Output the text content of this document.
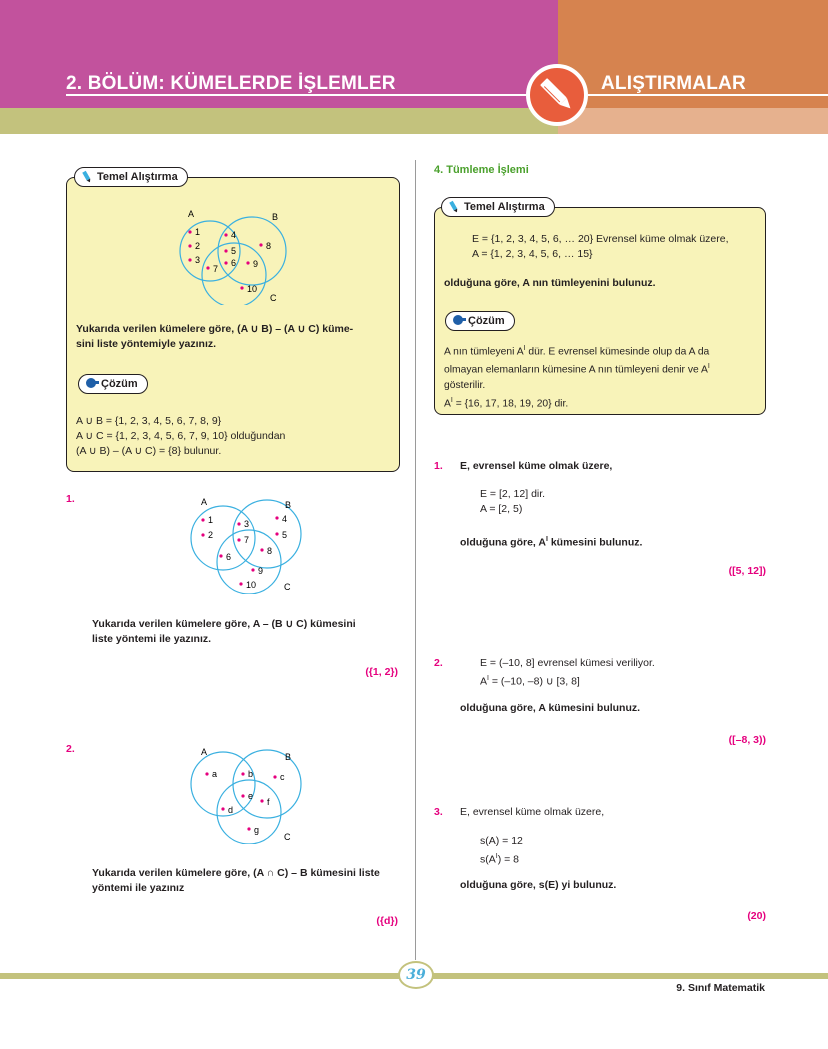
2. BÖLÜM: KÜMELERDE İŞLEMLER	ALIŞTIRMALAR
Temel Alıştırma
A	B
C
1
2
3
4
5
6
7
8
9
10
Yukarıda verilen kümelere göre, (A ∪ B) – (A ∪ C) küme-
sini liste yöntemiyle yazınız.
Çözüm
A ∪ B = {1, 2, 3, 4, 5, 6, 7, 8, 9}
A ∪ C = {1, 2, 3, 4, 5, 6, 7, 9, 10} olduğundan
(A ∪ B) – (A ∪ C) = {8} bulunur.
1.	A	B
C
1
2
3	4
5
7
6
8
9
10
Yukarıda verilen kümelere göre, A – (B ∪ C) kümesini
liste yöntemi ile yazınız.
({1, 2})
2.	A	B
C
a	b	c
e
d
f
g
Yukarıda verilen kümelere göre, (A ∩ C) – B kümesini liste
yöntemi ile yazınız
({d})
4. Tümleme İşlemi
Temel Alıştırma
E = {1, 2, 3, 4, 5, 6, … 20} Evrensel küme olmak üzere,
A = {1, 2, 3, 4, 5, 6, … 15}
olduğuna göre, A nın tümleyenini bulunuz.
Çözüm
A nın tümleyeni $A^I$ dür. E evrensel kümesinde olup da A da
olmayan elemanların kümesine A nın tümleyeni denir ve $A^I$
gösterilir.
$A^I = \{16$, 17, 18, 19, 20} dir.
1. E, evrensel küme olmak üzere,
E = [2, 12] dir.
A = [2, 5)
olduğuna göre, $A^I$ kümesini bulunuz.
([5, 12])
2.	E = (–10, 8] evrensel kümesi veriliyor.
$A^I = (-10$, –8) ∪ [3, 8]
olduğuna göre, A kümesini bulunuz.
([–8, 3))
3. E, evrensel küme olmak üzere,
s(A) = 12
$s(A^I) = 8$
olduğuna göre, s(E) yi bulunuz.
(20)
39
9. Sınıf Matematik
